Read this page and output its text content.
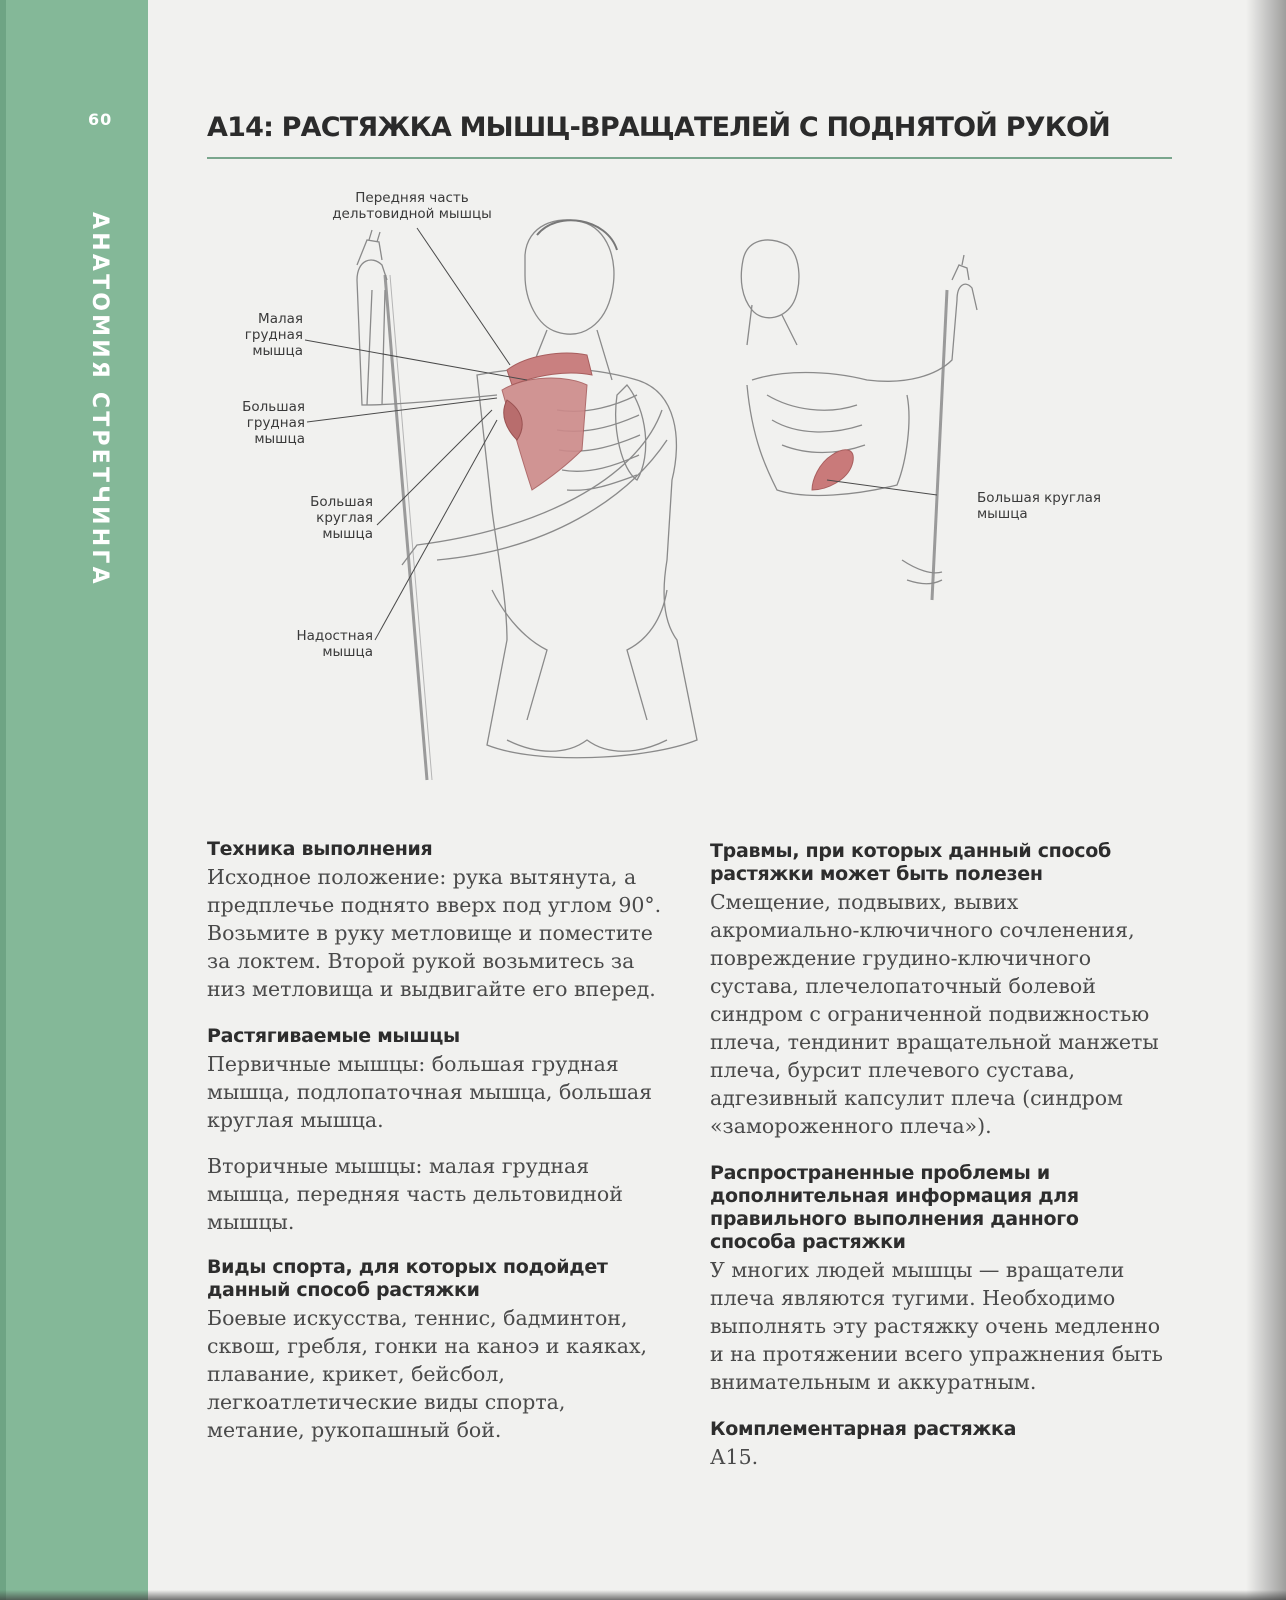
60
АНАТОМИЯ СТРЕТЧИНГА
A14: РАСТЯЖКА МЫШЦ-ВРАЩАТЕЛЕЙ С ПОДНЯТОЙ РУКОЙ
Передняя часть
дельтовидной мышцы
Малая
грудная
мышца
Большая
грудная
мышца
Большая
круглая
мышца
Надостная
мышца
Большая круглая
мышца
Техника выполнения

Исходное положение: рука вытянута, а предплечье поднято вверх под углом 90°. Возьмите в руку метловище и поместите за локтем. Второй рукой возьмитесь за низ метловища и выдвигайте его вперед.

Растягиваемые мышцы

Первичные мышцы: большая грудная мышца, подлопаточная мышца, большая круглая мышца.

Вторичные мышцы: малая грудная мышца, передняя часть дельтовидной мышцы.

Виды спорта, для которых подойдет данный способ растяжки

Боевые искусства, теннис, бадминтон, сквош, гребля, гонки на каноэ и каяках, плавание, крикет, бейсбол, легкоатлетические виды спорта, метание, рукопашный бой.

Травмы, при которых данный способ растяжки может быть полезен

Смещение, подвывих, вывих акромиально-ключичного сочленения, повреждение грудино-ключичного сустава, плечелопаточный болевой синдром с ограниченной подвижностью плеча, тендинит вращательной манжеты плеча, бурсит плечевого сустава, адгезивный капсулит плеча (синдром «замороженного плеча»).

Распространенные проблемы и дополнительная информация для правильного выполнения данного способа растяжки

У многих людей мышцы — вращатели плеча являются тугими. Необходимо выполнять эту растяжку очень медленно и на протяжении всего упражнения быть внимательным и аккуратным.

Комплементарная растяжка

А15.
